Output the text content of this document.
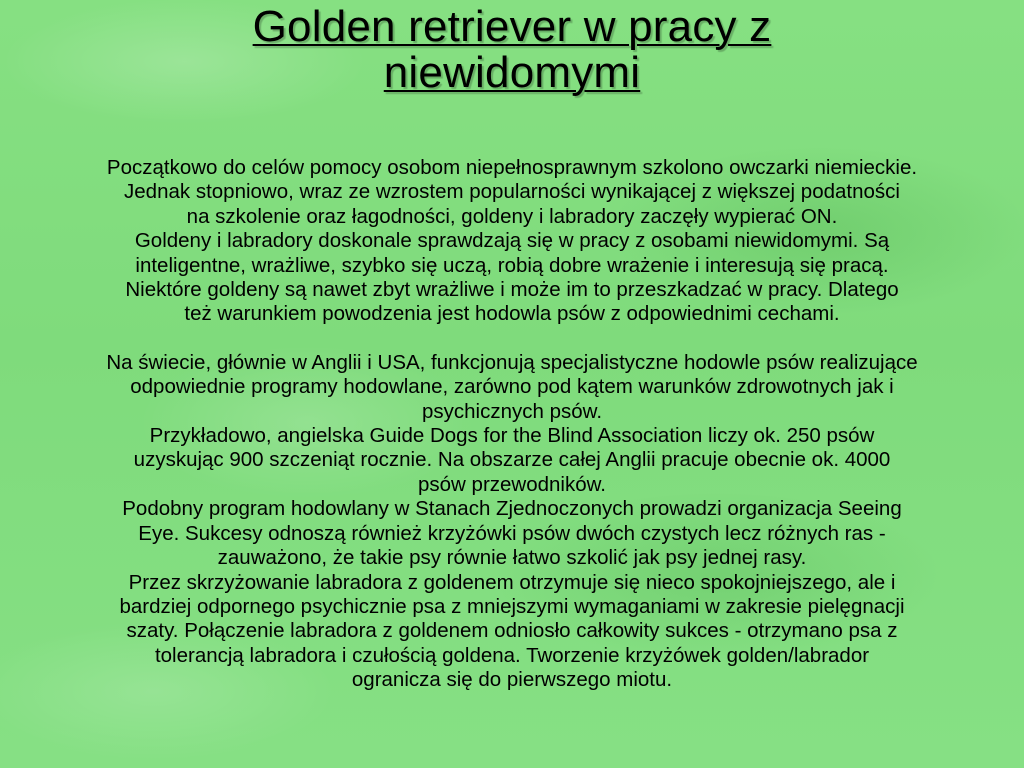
Golden retriever w pracy z
niewidomymi
Początkowo do celów pomocy osobom niepełnosprawnym szkolono owczarki niemieckie.
Jednak stopniowo, wraz ze wzrostem popularności wynikającej z większej podatności
na szkolenie oraz łagodności, goldeny i labradory zaczęły wypierać ON.
Goldeny i labradory doskonale sprawdzają się w pracy z osobami niewidomymi. Są
inteligentne, wrażliwe, szybko się uczą, robią dobre wrażenie i interesują się pracą.
Niektóre goldeny są nawet zbyt wrażliwe i może im to przeszkadzać w pracy. Dlatego
też warunkiem powodzenia jest hodowla psów z odpowiednimi cechami.
Na świecie, głównie w Anglii i USA, funkcjonują specjalistyczne hodowle psów realizujące
odpowiednie programy hodowlane, zarówno pod kątem warunków zdrowotnych jak i
psychicznych psów.
Przykładowo, angielska Guide Dogs for the Blind Association liczy ok. 250 psów
uzyskując 900 szczeniąt rocznie. Na obszarze całej Anglii pracuje obecnie ok. 4000
psów przewodników.
Podobny program hodowlany w Stanach Zjednoczonych prowadzi organizacja Seeing
Eye. Sukcesy odnoszą również krzyżówki psów dwóch czystych lecz różnych ras -
zauważono, że takie psy równie łatwo szkolić jak psy jednej rasy.
Przez skrzyżowanie labradora z goldenem otrzymuje się nieco spokojniejszego, ale i
bardziej odpornego psychicznie psa z mniejszymi wymaganiami w zakresie pielęgnacji
szaty. Połączenie labradora z goldenem odniosło całkowity sukces - otrzymano psa z
tolerancją labradora i czułością goldena. Tworzenie krzyżówek golden/labrador
ogranicza się do pierwszego miotu.
